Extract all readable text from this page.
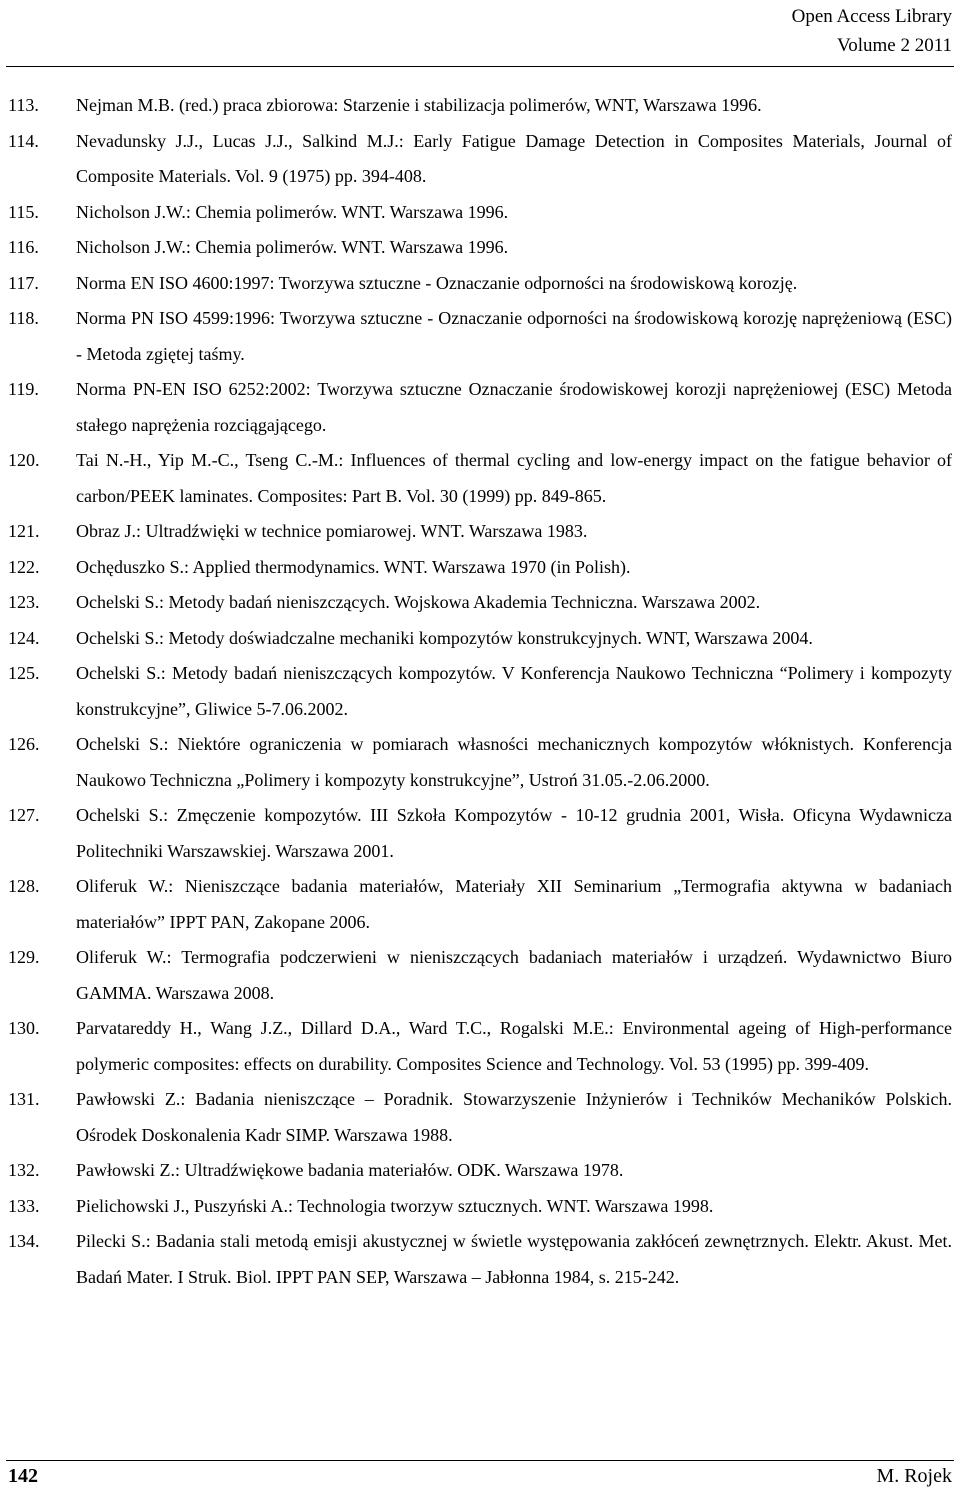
Open Access Library
Volume 2 2011
113.	Nejman M.B. (red.) praca zbiorowa: Starzenie i stabilizacja polimerów, WNT, Warszawa 1996.
114.	Nevadunsky J.J., Lucas J.J., Salkind M.J.: Early Fatigue Damage Detection in Composites Materials, Journal of Composite Materials. Vol. 9 (1975) pp. 394-408.
115.	Nicholson J.W.: Chemia polimerów. WNT. Warszawa 1996.
116.	Nicholson J.W.: Chemia polimerów. WNT. Warszawa 1996.
117.	Norma EN ISO 4600:1997: Tworzywa sztuczne - Oznaczanie odporności na środowiskową korozję.
118.	Norma PN ISO 4599:1996: Tworzywa sztuczne - Oznaczanie odporności na środowiskową korozję naprężeniową (ESC) - Metoda zgiętej taśmy.
119.	Norma PN-EN ISO 6252:2002: Tworzywa sztuczne Oznaczanie środowiskowej korozji naprężeniowej (ESC) Metoda stałego naprężenia rozciągającego.
120.	Tai N.-H., Yip M.-C., Tseng C.-M.: Influences of thermal cycling and low-energy impact on the fatigue behavior of carbon/PEEK laminates. Composites: Part B. Vol. 30 (1999) pp. 849-865.
121.	Obraz J.: Ultradźwięki w technice pomiarowej. WNT. Warszawa 1983.
122.	Ochęduszko S.: Applied thermodynamics. WNT. Warszawa 1970 (in Polish).
123.	Ochelski S.: Metody badań nieniszczących. Wojskowa Akademia Techniczna. Warszawa 2002.
124.	Ochelski S.: Metody doświadczalne mechaniki kompozytów konstrukcyjnych. WNT, Warszawa 2004.
125.	Ochelski S.: Metody badań nieniszczących kompozytów. V Konferencja Naukowo Techniczna “Polimery i kompozyty konstrukcyjne”, Gliwice 5-7.06.2002.
126.	Ochelski S.: Niektóre ograniczenia w pomiarach własności mechanicznych kompozytów włóknistych. Konferencja Naukowo Techniczna „Polimery i kompozyty konstrukcyjne”, Ustroń 31.05.-2.06.2000.
127.	Ochelski S.: Zmęczenie kompozytów. III Szkoła Kompozytów - 10-12 grudnia 2001, Wisła. Oficyna Wydawnicza Politechniki Warszawskiej. Warszawa 2001.
128.	Oliferuk W.: Nieniszczące badania materiałów, Materiały XII Seminarium „Termografia aktywna w badaniach materiałów” IPPT PAN, Zakopane 2006.
129.	Oliferuk W.: Termografia podczerwieni w nieniszczących badaniach materiałów i urządzeń. Wydawnictwo Biuro GAMMA. Warszawa 2008.
130.	Parvatareddy H., Wang J.Z., Dillard D.A., Ward T.C., Rogalski M.E.: Environmental ageing of High-performance polymeric composites: effects on durability. Composites Science and Technology. Vol. 53 (1995) pp. 399-409.
131.	Pawłowski Z.: Badania nieniszczące – Poradnik. Stowarzyszenie Inżynierów i Techników Mechaników Polskich. Ośrodek Doskonalenia Kadr SIMP. Warszawa 1988.
132.	Pawłowski Z.: Ultradźwiękowe badania materiałów. ODK. Warszawa 1978.
133.	Pielichowski J., Puszyński A.: Technologia tworzyw sztucznych. WNT. Warszawa 1998.
134.	Pilecki S.: Badania stali metodą emisji akustycznej w świetle występowania zakłóceń zewnętrznych. Elektr. Akust. Met. Badań Mater. I Struk. Biol. IPPT PAN SEP, Warszawa – Jabłonna 1984, s. 215-242.
142	M. Rojek
